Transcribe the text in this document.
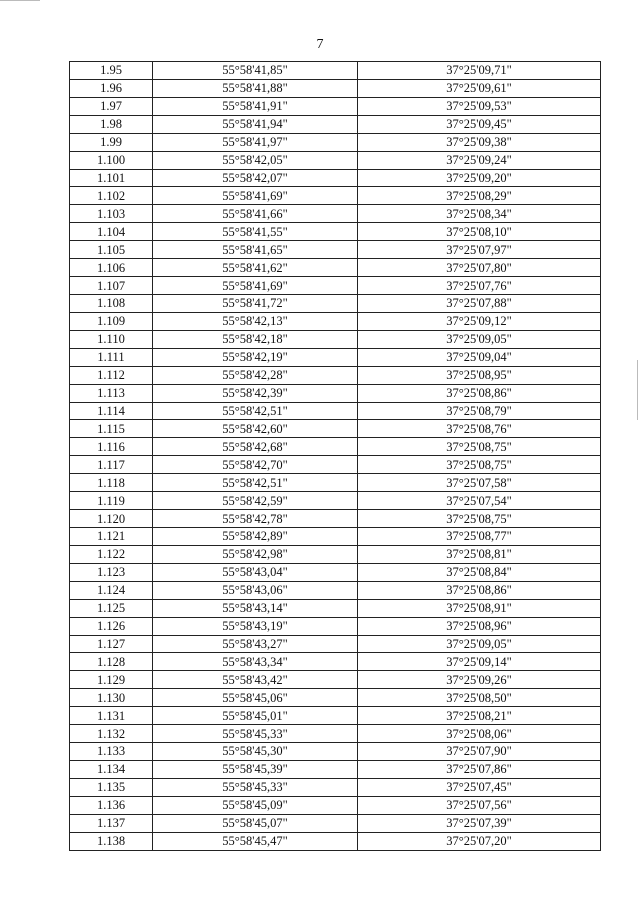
7
1.95	55°58'41,85"	37°25'09,71"
1.96	55°58'41,88"	37°25'09,61"
1.97	55°58'41,91"	37°25'09,53"
1.98	55°58'41,94"	37°25'09,45"
1.99	55°58'41,97"	37°25'09,38"
1.100	55°58'42,05"	37°25'09,24"
1.101	55°58'42,07"	37°25'09,20"
1.102	55°58'41,69"	37°25'08,29"
1.103	55°58'41,66"	37°25'08,34"
1.104	55°58'41,55"	37°25'08,10"
1.105	55°58'41,65"	37°25'07,97"
1.106	55°58'41,62"	37°25'07,80"
1.107	55°58'41,69"	37°25'07,76"
1.108	55°58'41,72"	37°25'07,88"
1.109	55°58'42,13"	37°25'09,12"
1.110	55°58'42,18"	37°25'09,05"
1.111	55°58'42,19"	37°25'09,04"
1.112	55°58'42,28"	37°25'08,95"
1.113	55°58'42,39"	37°25'08,86"
1.114	55°58'42,51"	37°25'08,79"
1.115	55°58'42,60"	37°25'08,76"
1.116	55°58'42,68"	37°25'08,75"
1.117	55°58'42,70"	37°25'08,75"
1.118	55°58'42,51"	37°25'07,58"
1.119	55°58'42,59"	37°25'07,54"
1.120	55°58'42,78"	37°25'08,75"
1.121	55°58'42,89"	37°25'08,77"
1.122	55°58'42,98"	37°25'08,81"
1.123	55°58'43,04"	37°25'08,84"
1.124	55°58'43,06"	37°25'08,86"
1.125	55°58'43,14"	37°25'08,91"
1.126	55°58'43,19"	37°25'08,96"
1.127	55°58'43,27"	37°25'09,05"
1.128	55°58'43,34"	37°25'09,14"
1.129	55°58'43,42"	37°25'09,26"
1.130	55°58'45,06"	37°25'08,50"
1.131	55°58'45,01"	37°25'08,21"
1.132	55°58'45,33"	37°25'08,06"
1.133	55°58'45,30"	37°25'07,90"
1.134	55°58'45,39"	37°25'07,86"
1.135	55°58'45,33"	37°25'07,45"
1.136	55°58'45,09"	37°25'07,56"
1.137	55°58'45,07"	37°25'07,39"
1.138	55°58'45,47"	37°25'07,20"
